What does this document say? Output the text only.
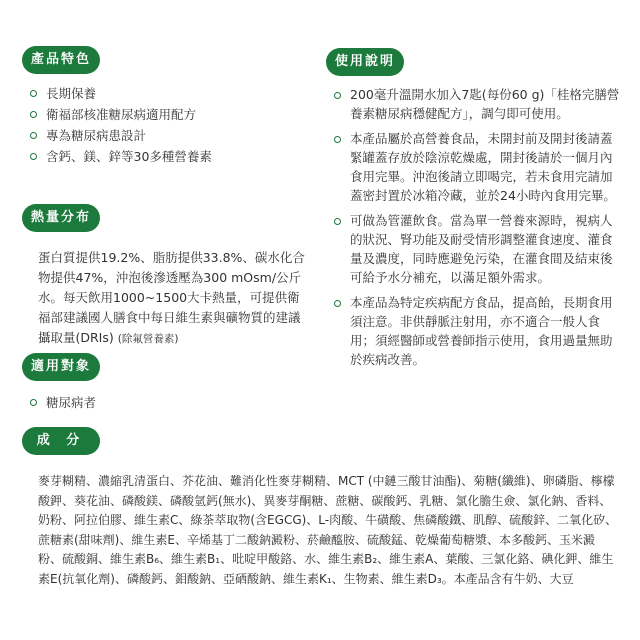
產品特色
長期保養
衛福部核准糖尿病適用配方
專為糖尿病患設計
含鈣、鎂、鋅等30多種營養素
熱量分布

蛋白質提供19.2%、脂肪提供33.8%、碳水化合物提供47%，沖泡後滲透壓為300 mOsm/公斤水。每天飲用1000~1500大卡熱量，可提供衛福部建議國人膳食中每日維生素與礦物質的建議攝取量(DRIs) (除氟營養素)

適用對象
糖尿病者
使用說明
200毫升溫開水加入7匙(每份60 g)「桂格完膳營養素糖尿病穩健配方」，調勻即可使用。
本產品屬於高營養食品，未開封前及開封後請蓋緊罐蓋存放於陰涼乾燥處，開封後請於一個月內食用完畢。沖泡後請立即喝完，若未食用完請加蓋密封置於冰箱冷藏，並於24小時內食用完畢。
可做為管灌飲食。當為單一營養來源時，視病人的狀況、腎功能及耐受情形調整灌食速度、灌食量及濃度，同時應避免污染，在灌食間及結束後可給予水分補充，以滿足額外需求。
本產品為特定疾病配方食品，提高飴，長期食用須注意。非供靜脈注射用，亦不適合一般人食用；須經醫師或營養師指示使用，食用過量無助於疾病改善。
成 分

麥芽糊精、濃縮乳清蛋白、芥花油、難消化性麥芽糊精、MCT (中鏈三酸甘油酯)、菊糖(纖維)、卵磷脂、檸檬酸鉀、葵花油、磷酸鎂、磷酸氫鈣(無水)、異麥芽酮糖、蔗糖、碳酸鈣、乳糖、氯化膽生僉、氯化鈉、香料、奶粉、阿拉伯膠、維生素C、綠茶萃取物(含EGCG)、L-肉酸、牛磺酸、焦磷酸鐵、肌醇、硫酸鋅、二氧化矽、蔗糖素(甜味劑)、維生素E、辛烯基丁二酸鈉澱粉、菸鹼醯胺、硫酸錳、乾燥葡萄糖漿、本多酸鈣、玉米澱粉、硫酸銅、維生素B₆、維生素B₁、吡啶甲酸鉻、水、維生素B₂、維生素A、葉酸、三氯化鉻、碘化鉀、維生素E(抗氧化劑)、磷酸鈣、鉬酸鈉、亞硒酸鈉、維生素K₁、生物素、維生素D₃。本產品含有牛奶、大豆
